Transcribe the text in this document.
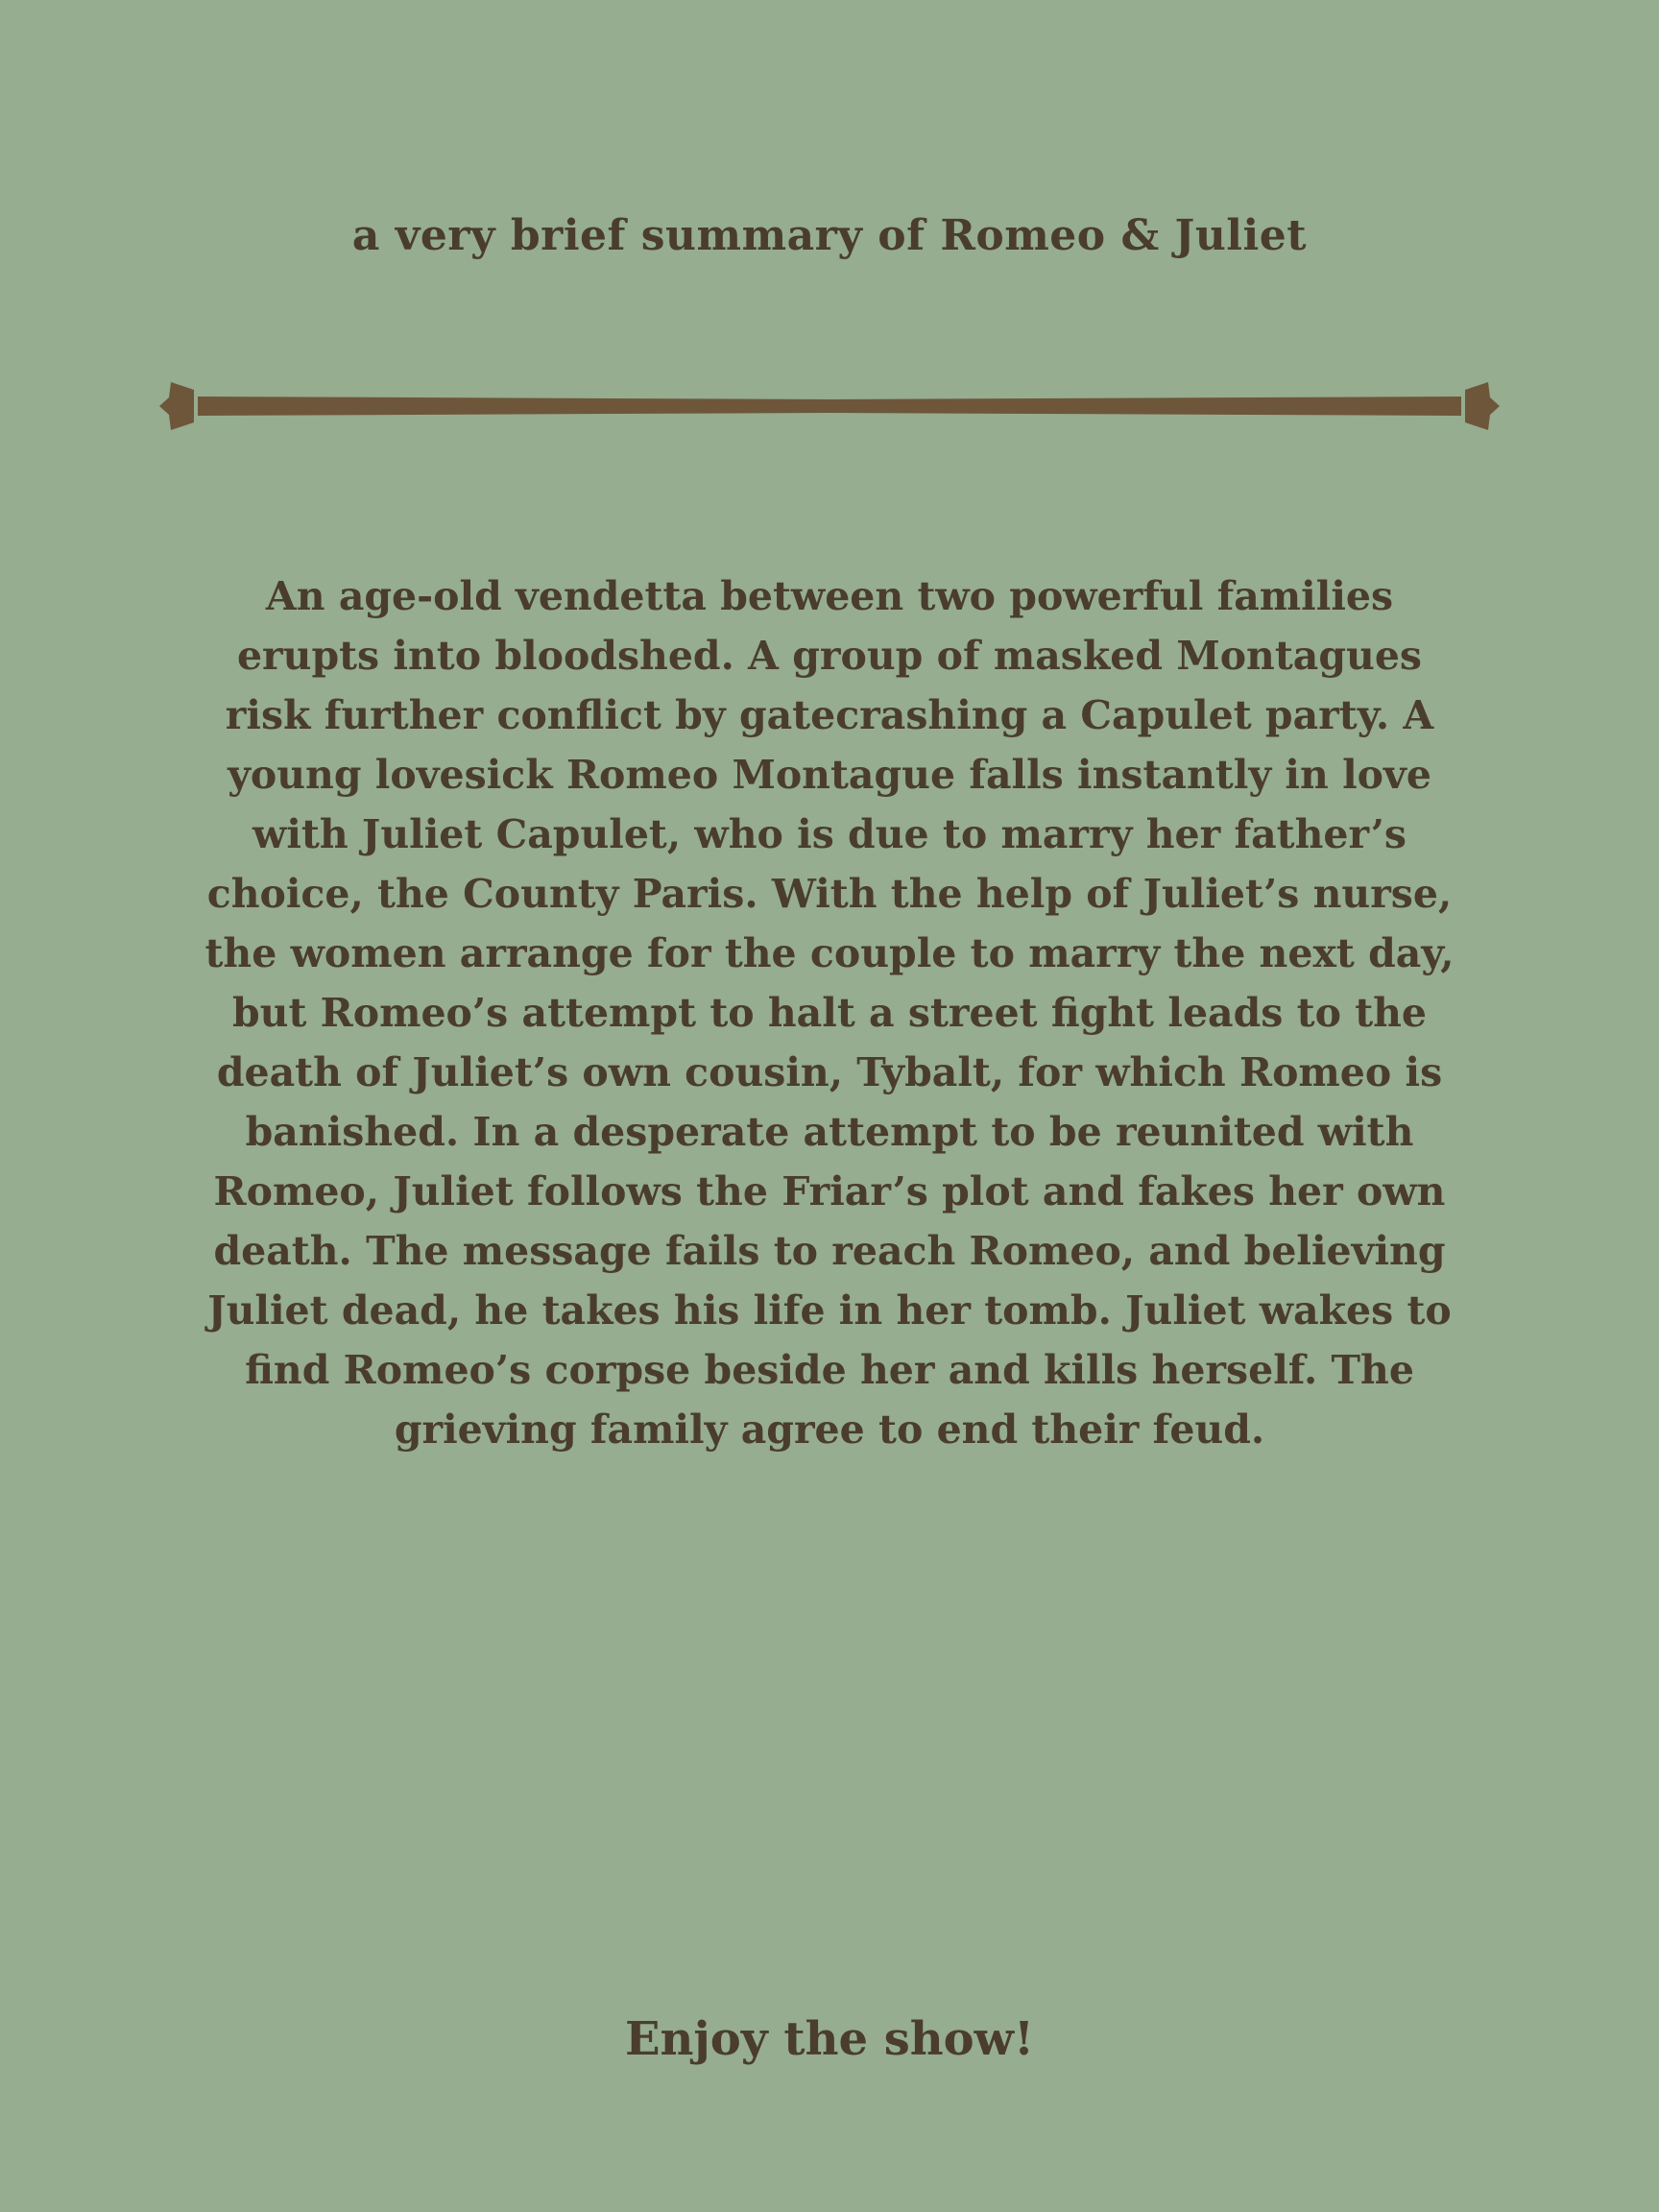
a very brief summary of Romeo & Juliet
An age-old vendetta between two powerful families erupts into bloodshed. A group of masked Montagues risk further conflict by gatecrashing a Capulet party. A young lovesick Romeo Montague falls instantly in love with Juliet Capulet, who is due to marry her father’s choice, the County Paris. With the help of Juliet’s nurse, the women arrange for the couple to marry the next day, but Romeo’s attempt to halt a street fight leads to the death of Juliet’s own cousin, Tybalt, for which Romeo is banished. In a desperate attempt to be reunited with Romeo, Juliet follows the Friar’s plot and fakes her own death. The message fails to reach Romeo, and believing Juliet dead, he takes his life in her tomb. Juliet wakes to find Romeo’s corpse beside her and kills herself. The grieving family agree to end their feud.
Enjoy the show!
